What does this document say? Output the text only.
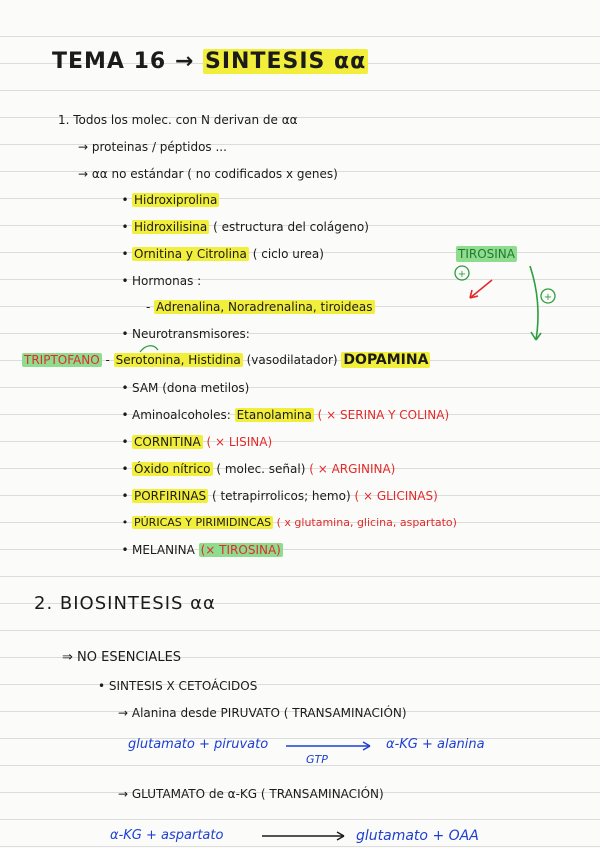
TEMA 16 → SINTESIS αα
1. Todos los molec. con N derivan de αα
→ proteinas / péptidos ...
→ αα no estándar ( no codificados x genes)
• Hidroxiprolina
• Hidroxilisina ( estructura del colágeno)
• Ornitina y Citrolina ( ciclo urea)
• Hormonas :
TIROSINA
- Adrenalina, Noradrenalina, tiroideas
• Neurotransmisores:
TRIPTOFANO - Serotonina, Histidina (vasodilatador) DOPAMINA
• SAM (dona metilos)
• Aminoalcoholes: Etanolamina ( × SERINA Y COLINA)
• CORNITINA ( × LISINA)
• Óxido nítrico ( molec. señal) ( × ARGININA)
• PORFIRINAS ( tetrapirrolicos; hemo) ( × GLICINAS)
• PÚRICAS Y PIRIMIDINCAS ( x glutamina, glicina, aspartato)
• MELANINA (× TIROSINA)
2. BIOSINTESIS αα
⇒ NO ESENCIALES
• SINTESIS X CETOÁCIDOS
→ Alanina desde PIRUVATO ( TRANSAMINACIÓN)
glutamato + piruvato
GTP
α-KG + alanina
→ GLUTAMATO de α-KG ( TRANSAMINACIÓN)
α-KG + aspartato	glutamato + OAA
+
+
